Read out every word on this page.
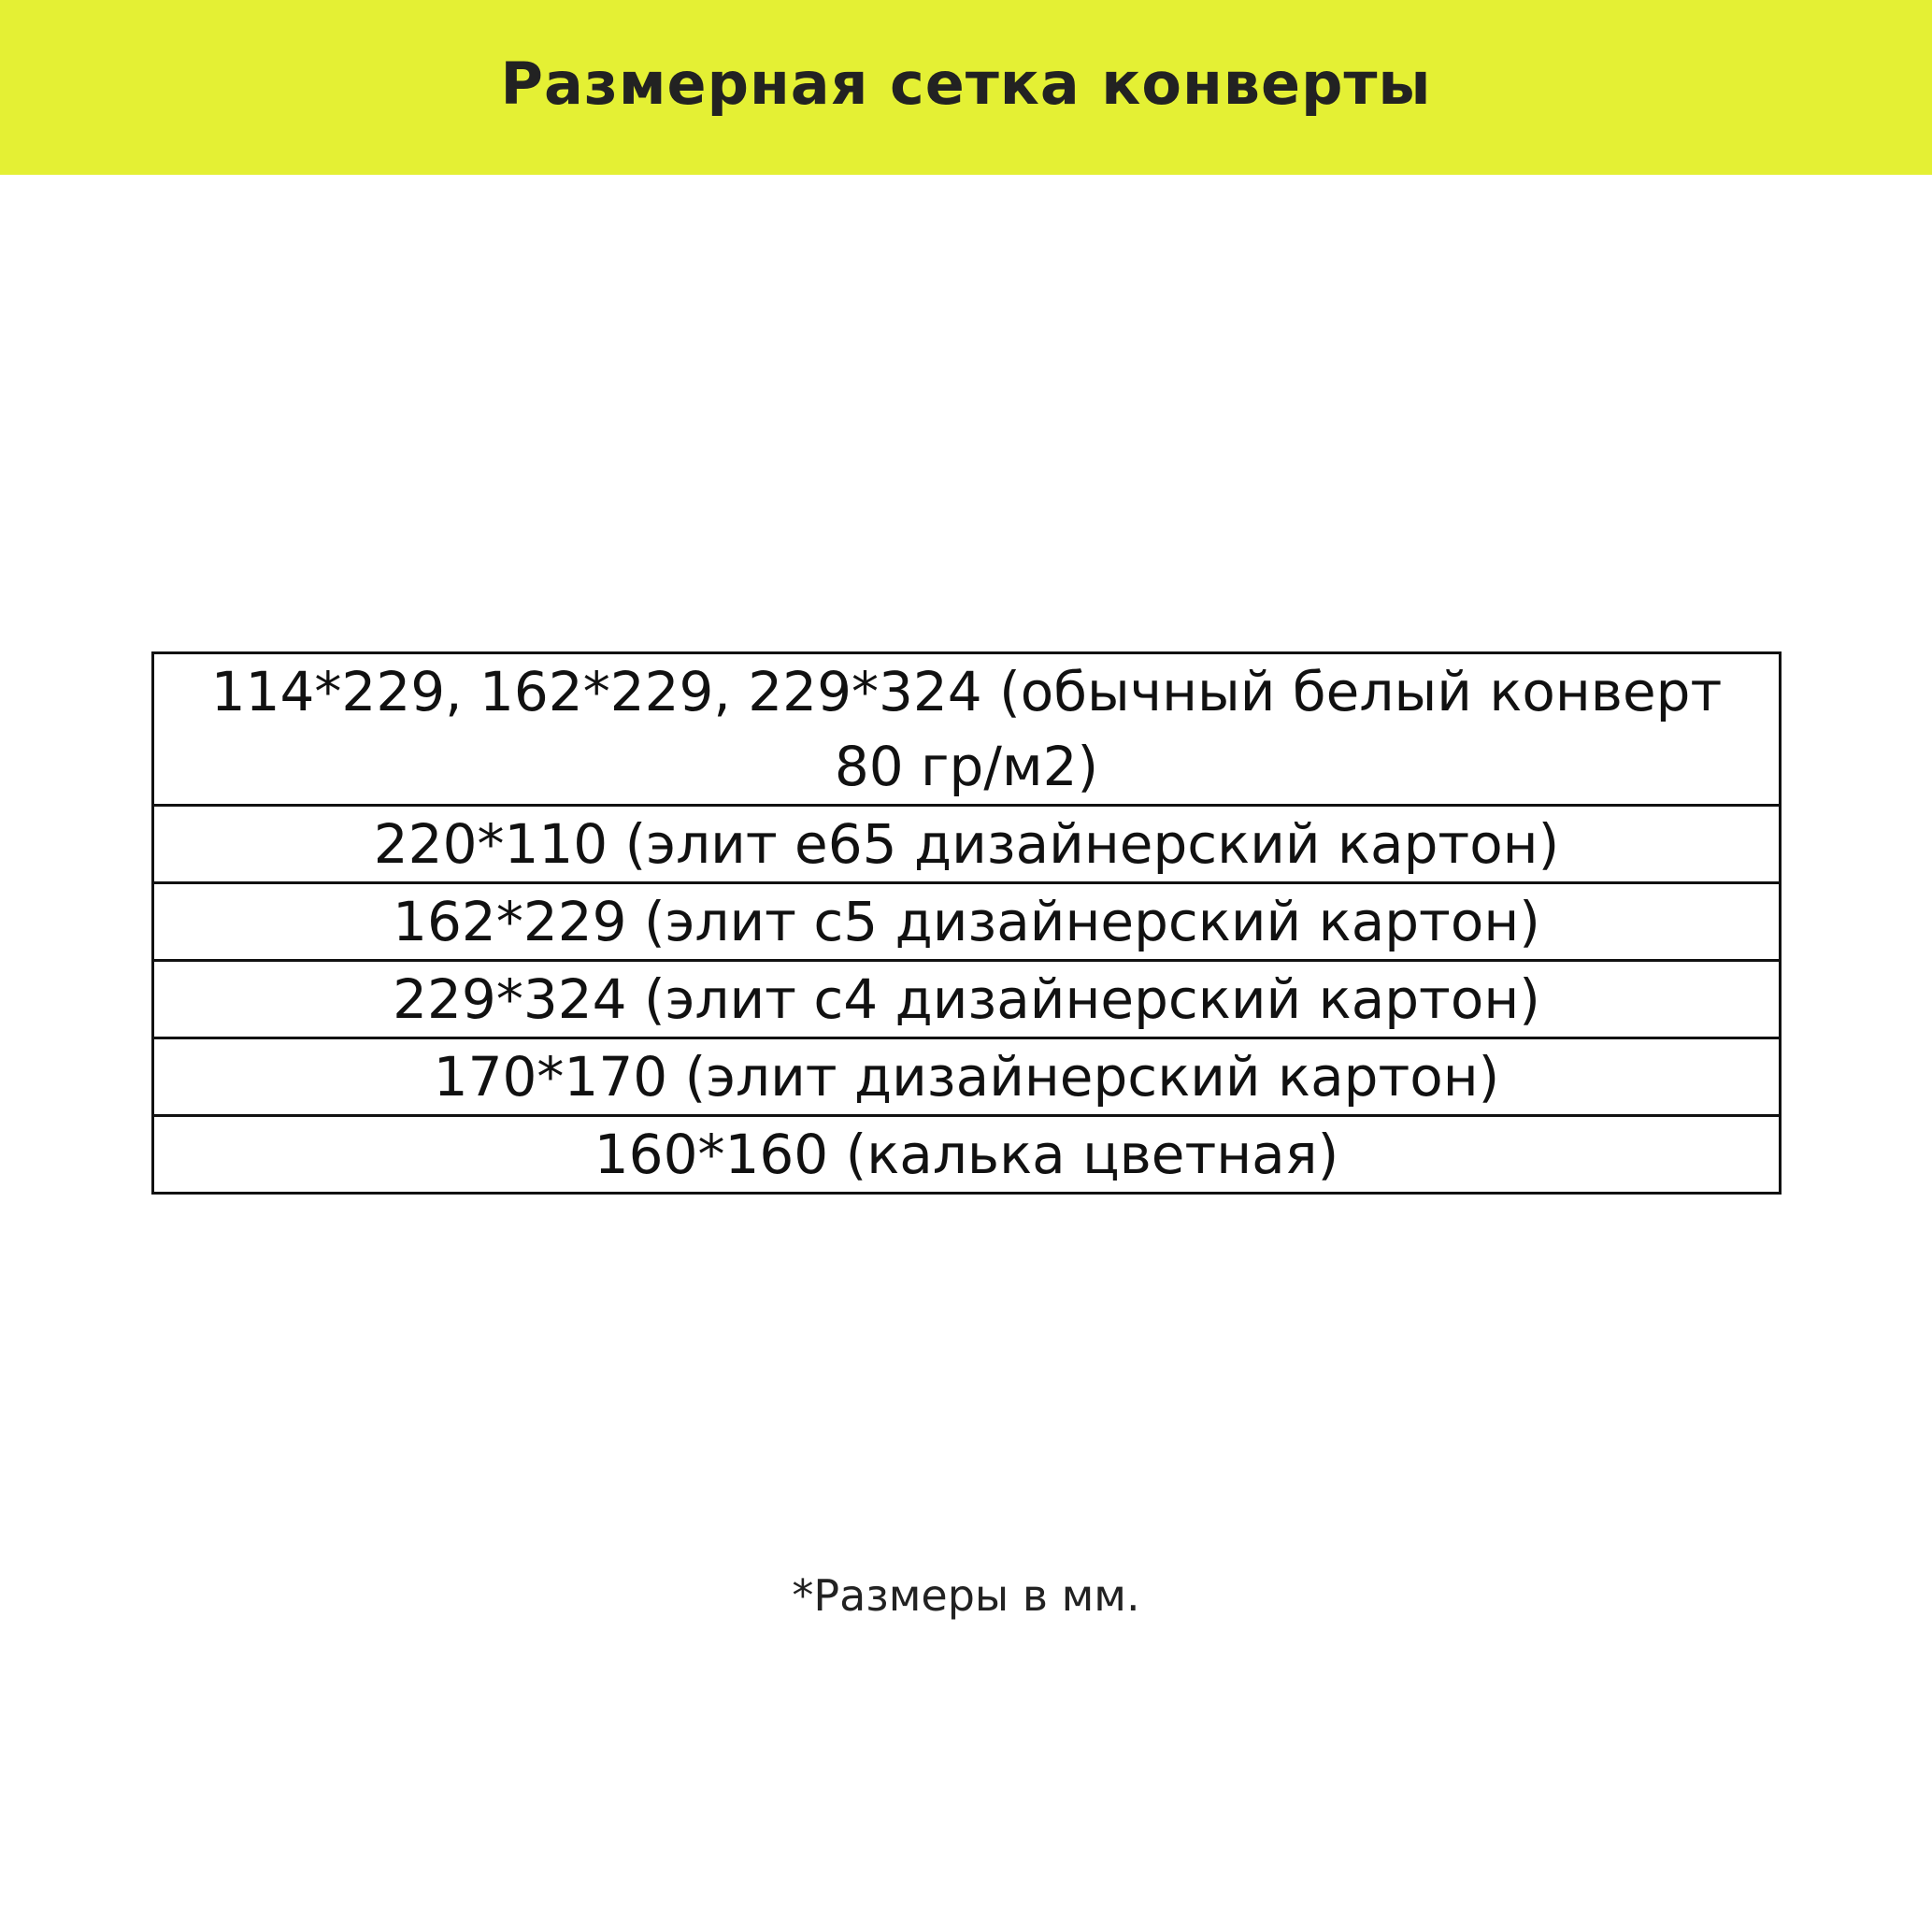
Размерная сетка конверты
114*229, 162*229, 229*324 (обычный белый конверт 80 гр/м2)
220*110 (элит е65 дизайнерский картон)
162*229 (элит с5 дизайнерский картон)
229*324 (элит с4 дизайнерский картон)
170*170 (элит дизайнерский картон)
160*160 (калька цветная)
*Размеры в мм.
